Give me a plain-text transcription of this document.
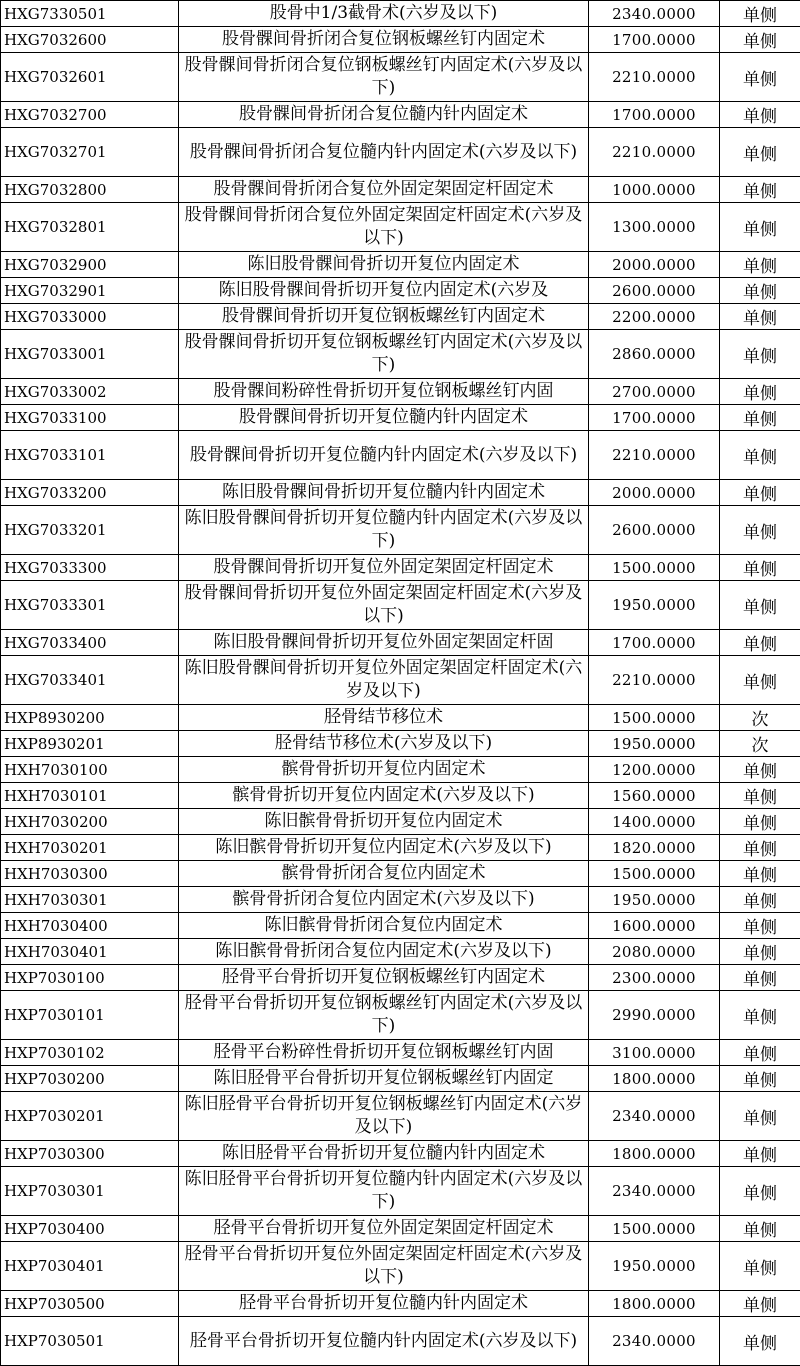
HXG7330501	股骨中1/3截骨术(六岁及以下)	2340.0000	单侧
HXG7032600	股骨髁间骨折闭合复位钢板螺丝钉内固定术	1700.0000	单侧
HXG7032601	股骨髁间骨折闭合复位钢板螺丝钉内固定术(六岁及以下)	2210.0000	单侧
HXG7032700	股骨髁间骨折闭合复位髓内针内固定术	1700.0000	单侧
HXG7032701	股骨髁间骨折闭合复位髓内针内固定术(六岁及以下)	2210.0000	单侧
HXG7032800	股骨髁间骨折闭合复位外固定架固定杆固定术	1000.0000	单侧
HXG7032801	股骨髁间骨折闭合复位外固定架固定杆固定术(六岁及以下)	1300.0000	单侧
HXG7032900	陈旧股骨髁间骨折切开复位内固定术	2000.0000	单侧
HXG7032901	陈旧股骨髁间骨折切开复位内固定术(六岁及	2600.0000	单侧
HXG7033000	股骨髁间骨折切开复位钢板螺丝钉内固定术	2200.0000	单侧
HXG7033001	股骨髁间骨折切开复位钢板螺丝钉内固定术(六岁及以下)	2860.0000	单侧
HXG7033002	股骨髁间粉碎性骨折切开复位钢板螺丝钉内固	2700.0000	单侧
HXG7033100	股骨髁间骨折切开复位髓内针内固定术	1700.0000	单侧
HXG7033101	股骨髁间骨折切开复位髓内针内固定术(六岁及以下)	2210.0000	单侧
HXG7033200	陈旧股骨髁间骨折切开复位髓内针内固定术	2000.0000	单侧
HXG7033201	陈旧股骨髁间骨折切开复位髓内针内固定术(六岁及以下)	2600.0000	单侧
HXG7033300	股骨髁间骨折切开复位外固定架固定杆固定术	1500.0000	单侧
HXG7033301	股骨髁间骨折切开复位外固定架固定杆固定术(六岁及以下)	1950.0000	单侧
HXG7033400	陈旧股骨髁间骨折切开复位外固定架固定杆固	1700.0000	单侧
HXG7033401	陈旧股骨髁间骨折切开复位外固定架固定杆固定术(六岁及以下)	2210.0000	单侧
HXP8930200	胫骨结节移位术	1500.0000	次
HXP8930201	胫骨结节移位术(六岁及以下)	1950.0000	次
HXH7030100	髌骨骨折切开复位内固定术	1200.0000	单侧
HXH7030101	髌骨骨折切开复位内固定术(六岁及以下)	1560.0000	单侧
HXH7030200	陈旧髌骨骨折切开复位内固定术	1400.0000	单侧
HXH7030201	陈旧髌骨骨折切开复位内固定术(六岁及以下)	1820.0000	单侧
HXH7030300	髌骨骨折闭合复位内固定术	1500.0000	单侧
HXH7030301	髌骨骨折闭合复位内固定术(六岁及以下)	1950.0000	单侧
HXH7030400	陈旧髌骨骨折闭合复位内固定术	1600.0000	单侧
HXH7030401	陈旧髌骨骨折闭合复位内固定术(六岁及以下)	2080.0000	单侧
HXP7030100	胫骨平台骨折切开复位钢板螺丝钉内固定术	2300.0000	单侧
HXP7030101	胫骨平台骨折切开复位钢板螺丝钉内固定术(六岁及以下)	2990.0000	单侧
HXP7030102	胫骨平台粉碎性骨折切开复位钢板螺丝钉内固	3100.0000	单侧
HXP7030200	陈旧胫骨平台骨折切开复位钢板螺丝钉内固定	1800.0000	单侧
HXP7030201	陈旧胫骨平台骨折切开复位钢板螺丝钉内固定术(六岁及以下)	2340.0000	单侧
HXP7030300	陈旧胫骨平台骨折切开复位髓内针内固定术	1800.0000	单侧
HXP7030301	陈旧胫骨平台骨折切开复位髓内针内固定术(六岁及以下)	2340.0000	单侧
HXP7030400	胫骨平台骨折切开复位外固定架固定杆固定术	1500.0000	单侧
HXP7030401	胫骨平台骨折切开复位外固定架固定杆固定术(六岁及以下)	1950.0000	单侧
HXP7030500	胫骨平台骨折切开复位髓内针内固定术	1800.0000	单侧
HXP7030501	胫骨平台骨折切开复位髓内针内固定术(六岁及以下)	2340.0000	单侧
